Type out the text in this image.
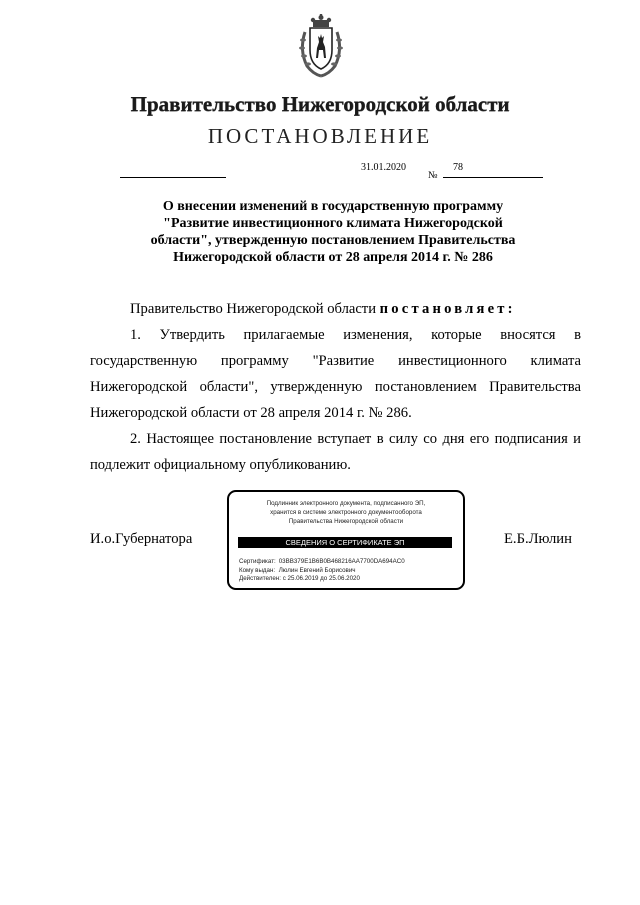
Правительство Нижегородской области
ПОСТАНОВЛЕНИЕ
31.01.2020
№
78
О внесении изменений в государственную программу
"Развитие инвестиционного климата Нижегородской
области", утвержденную постановлением Правительства
Нижегородской области от 28 апреля 2014 г. № 286
Правительство Нижегородской области постановляет:
1. Утвердить прилагаемые изменения, которые вносятся в государственную программу "Развитие инвестиционного климата Нижегородской области", утвержденную постановлением Правительства Нижегородской области от 28 апреля 2014 г. № 286.
2. Настоящее постановление вступает в силу со дня его подписания и подлежит официальному опубликованию.
И.о.Губернатора	Е.Б.Люлин
Подлинник электронного документа, подписанного ЭП,
хранится в системе электронного документооборота
Правительства Нижегородской области
СВЕДЕНИЯ О СЕРТИФИКАТЕ ЭП
Сертификат: 03BB379E1B6B0B468216AA7700DA694AC0
Кому выдан: Люлин Евгений Борисович
Действителен: с 25.06.2019 до 25.06.2020
